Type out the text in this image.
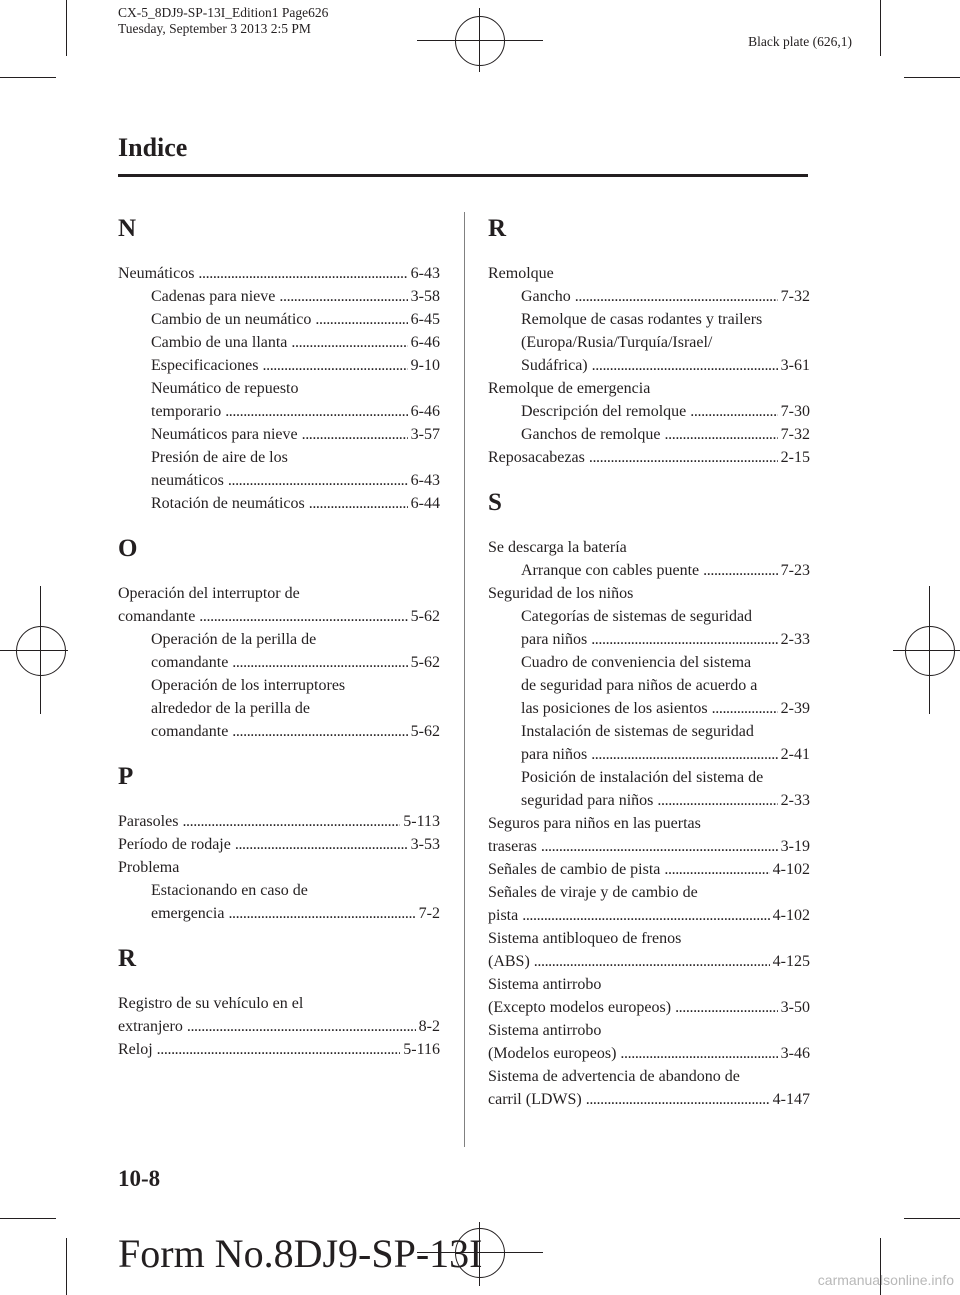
CX-5_8DJ9-SP-13I_Edition1 Page626
Tuesday, September 3 2013 2:5 PM
Black plate (626,1)
Indice
N
Neumáticos . . .	6-43
Cadenas para nieve . . .	3-58
Cambio de un neumático . . .	6-45
Cambio de una llanta . . .	6-46
Especificaciones . . .	9-10
Neumático de repuesto
temporario . . .	6-46
Neumáticos para nieve . . .	3-57
Presión de aire de los
neumáticos . . .	6-43
Rotación de neumáticos . . .	6-44
O
Operación del interruptor de
comandante . . .	5-62
Operación de la perilla de
comandante . . .	5-62
Operación de los interruptores
alrededor de la perilla de
comandante . . .	5-62
P
Parasoles . . .	5-113
Período de rodaje . . .	3-53
Problema
Estacionando en caso de
emergencia . . .	7-2
R
Registro de su vehículo en el
extranjero . . .	8-2
Reloj . . .	5-116
R
Remolque
Gancho . . .	7-32
Remolque de casas rodantes y trailers
(Europa/Rusia/Turquía/Israel/
Sudáfrica) . . .	3-61
Remolque de emergencia
Descripción del remolque . . .	7-30
Ganchos de remolque . . .	7-32
Reposacabezas . . .	2-15
S
Se descarga la batería
Arranque con cables puente . . .	7-23
Seguridad de los niños
Categorías de sistemas de seguridad
para niños . . .	2-33
Cuadro de conveniencia del sistema
de seguridad para niños de acuerdo a
las posiciones de los asientos . . .	2-39
Instalación de sistemas de seguridad
para niños . . .	2-41
Posición de instalación del sistema de
seguridad para niños . . .	2-33
Seguros para niños en las puertas
traseras . . .	3-19
Señales de cambio de pista . . .	4-102
Señales de viraje y de cambio de
pista . . .	4-102
Sistema antibloqueo de frenos
(ABS) . . .	4-125
Sistema antirrobo
(Excepto modelos europeos) . . .	3-50
Sistema antirrobo
(Modelos europeos) . . .	3-46
Sistema de advertencia de abandono de
carril (LDWS) . . .	4-147
10-8
Form No.8DJ9-SP-13I
carmanualsonline.info
